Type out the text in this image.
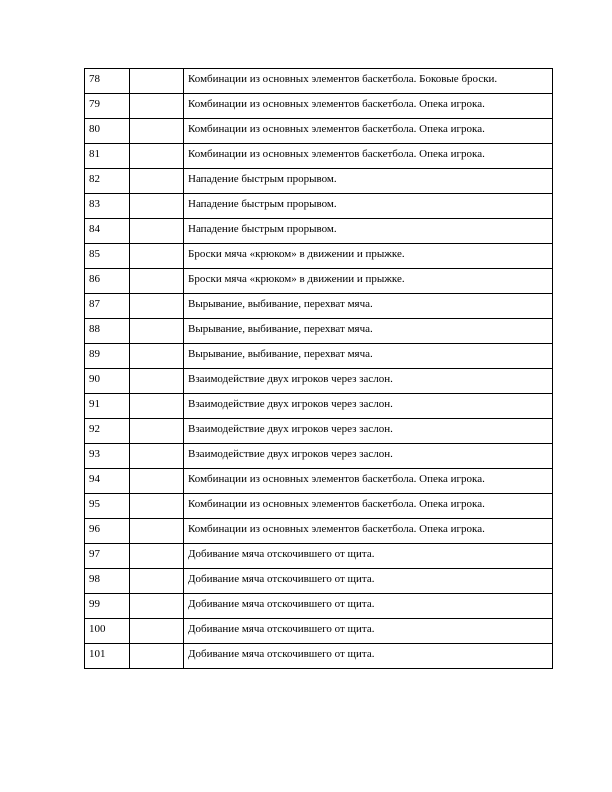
78		Комбинации из основных элементов баскетбола. Боковые броски.
79		Комбинации из основных элементов баскетбола. Опека игрока.
80		Комбинации из основных элементов баскетбола. Опека игрока.
81		Комбинации из основных элементов баскетбола. Опека игрока.
82		Нападение быстрым прорывом.
83		Нападение быстрым прорывом.
84		Нападение быстрым прорывом.
85		Броски мяча «крюком» в движении и прыжке.
86		Броски мяча «крюком» в движении и прыжке.
87		Вырывание, выбивание, перехват мяча.
88		Вырывание, выбивание, перехват мяча.
89		Вырывание, выбивание, перехват мяча.
90		Взаимодействие двух игроков через заслон.
91		Взаимодействие двух игроков через заслон.
92		Взаимодействие двух игроков через заслон.
93		Взаимодействие двух игроков через заслон.
94		Комбинации из основных элементов баскетбола. Опека игрока.
95		Комбинации из основных элементов баскетбола. Опека игрока.
96		Комбинации из основных элементов баскетбола. Опека игрока.
97		Добивание мяча отскочившего от щита.
98		Добивание мяча отскочившего от щита.
99		Добивание мяча отскочившего от щита.
100		Добивание мяча отскочившего от щита.
101		Добивание мяча отскочившего от щита.
